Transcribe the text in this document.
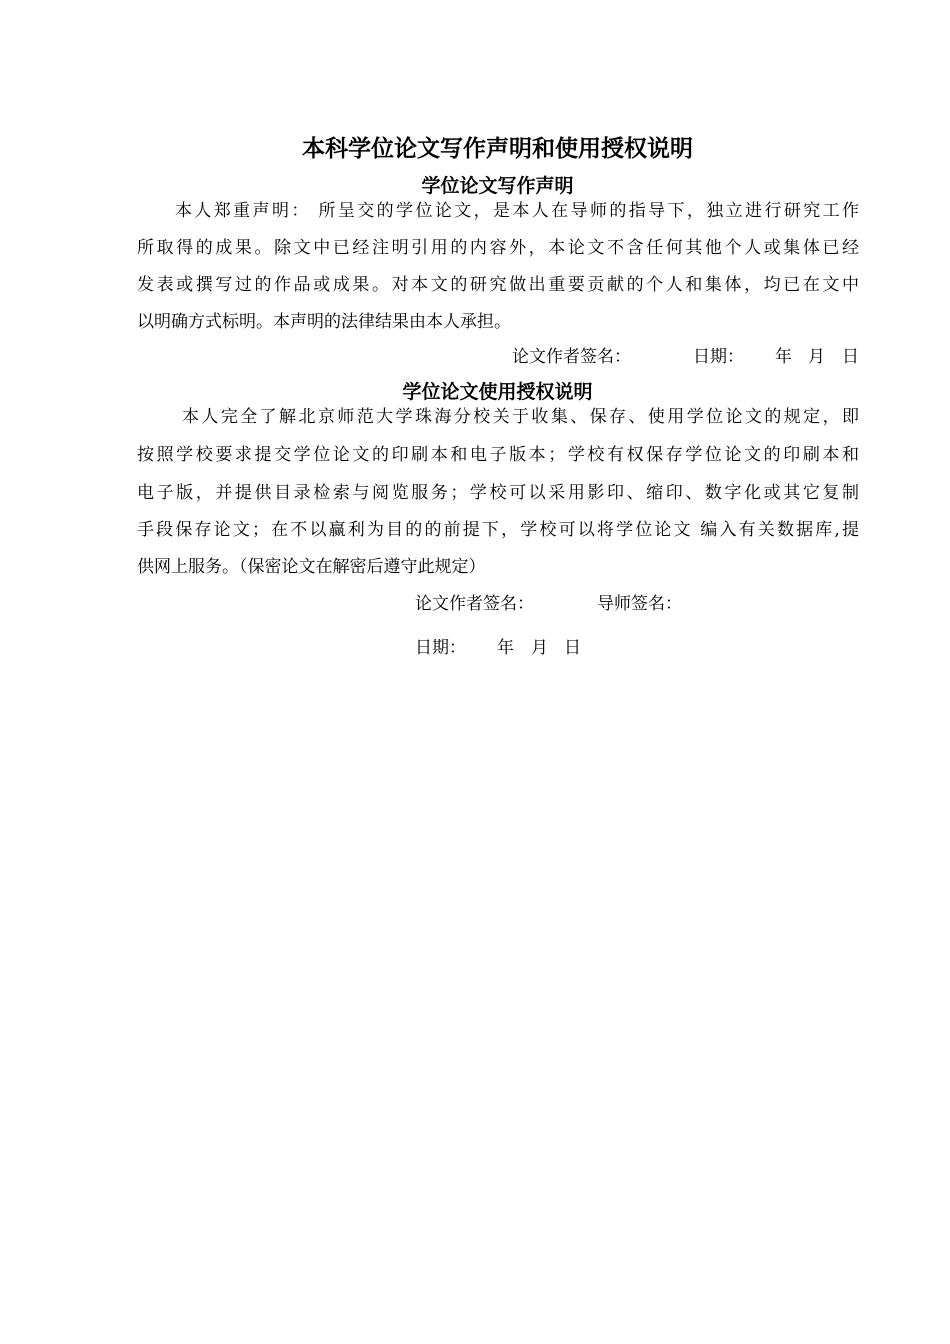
本科学位论文写作声明和使用授权说明
学位论文写作声明
本人郑重声明： 所呈交的学位论文，是本人在导师的指导下，独立进行研究工作
所取得的成果。除文中已经注明引用的内容外，本论文不含任何其他个人或集体已经
发表或撰写过的作品或成果。对本文的研究做出重要贡献的个人和集体，均已在文中
以明确方式标明。本声明的法律结果由本人承担。
论文作者签名：	日期： 年 月 日
学位论文使用授权说明
本人完全了解北京师范大学珠海分校关于收集、保存、使用学位论文的规定，即
按照学校要求提交学位论文的印刷本和电子版本；学校有权保存学位论文的印刷本和
电子版，并提供目录检索与阅览服务；学校可以采用影印、缩印、数字化或其它复制
手段保存论文；在不以赢利为目的的前提下，学校可以将学位论文 编入有关数据库,提
供网上服务。（保密论文在解密后遵守此规定）
论文作者签名：	导师签名：
日期： 年 月 日
